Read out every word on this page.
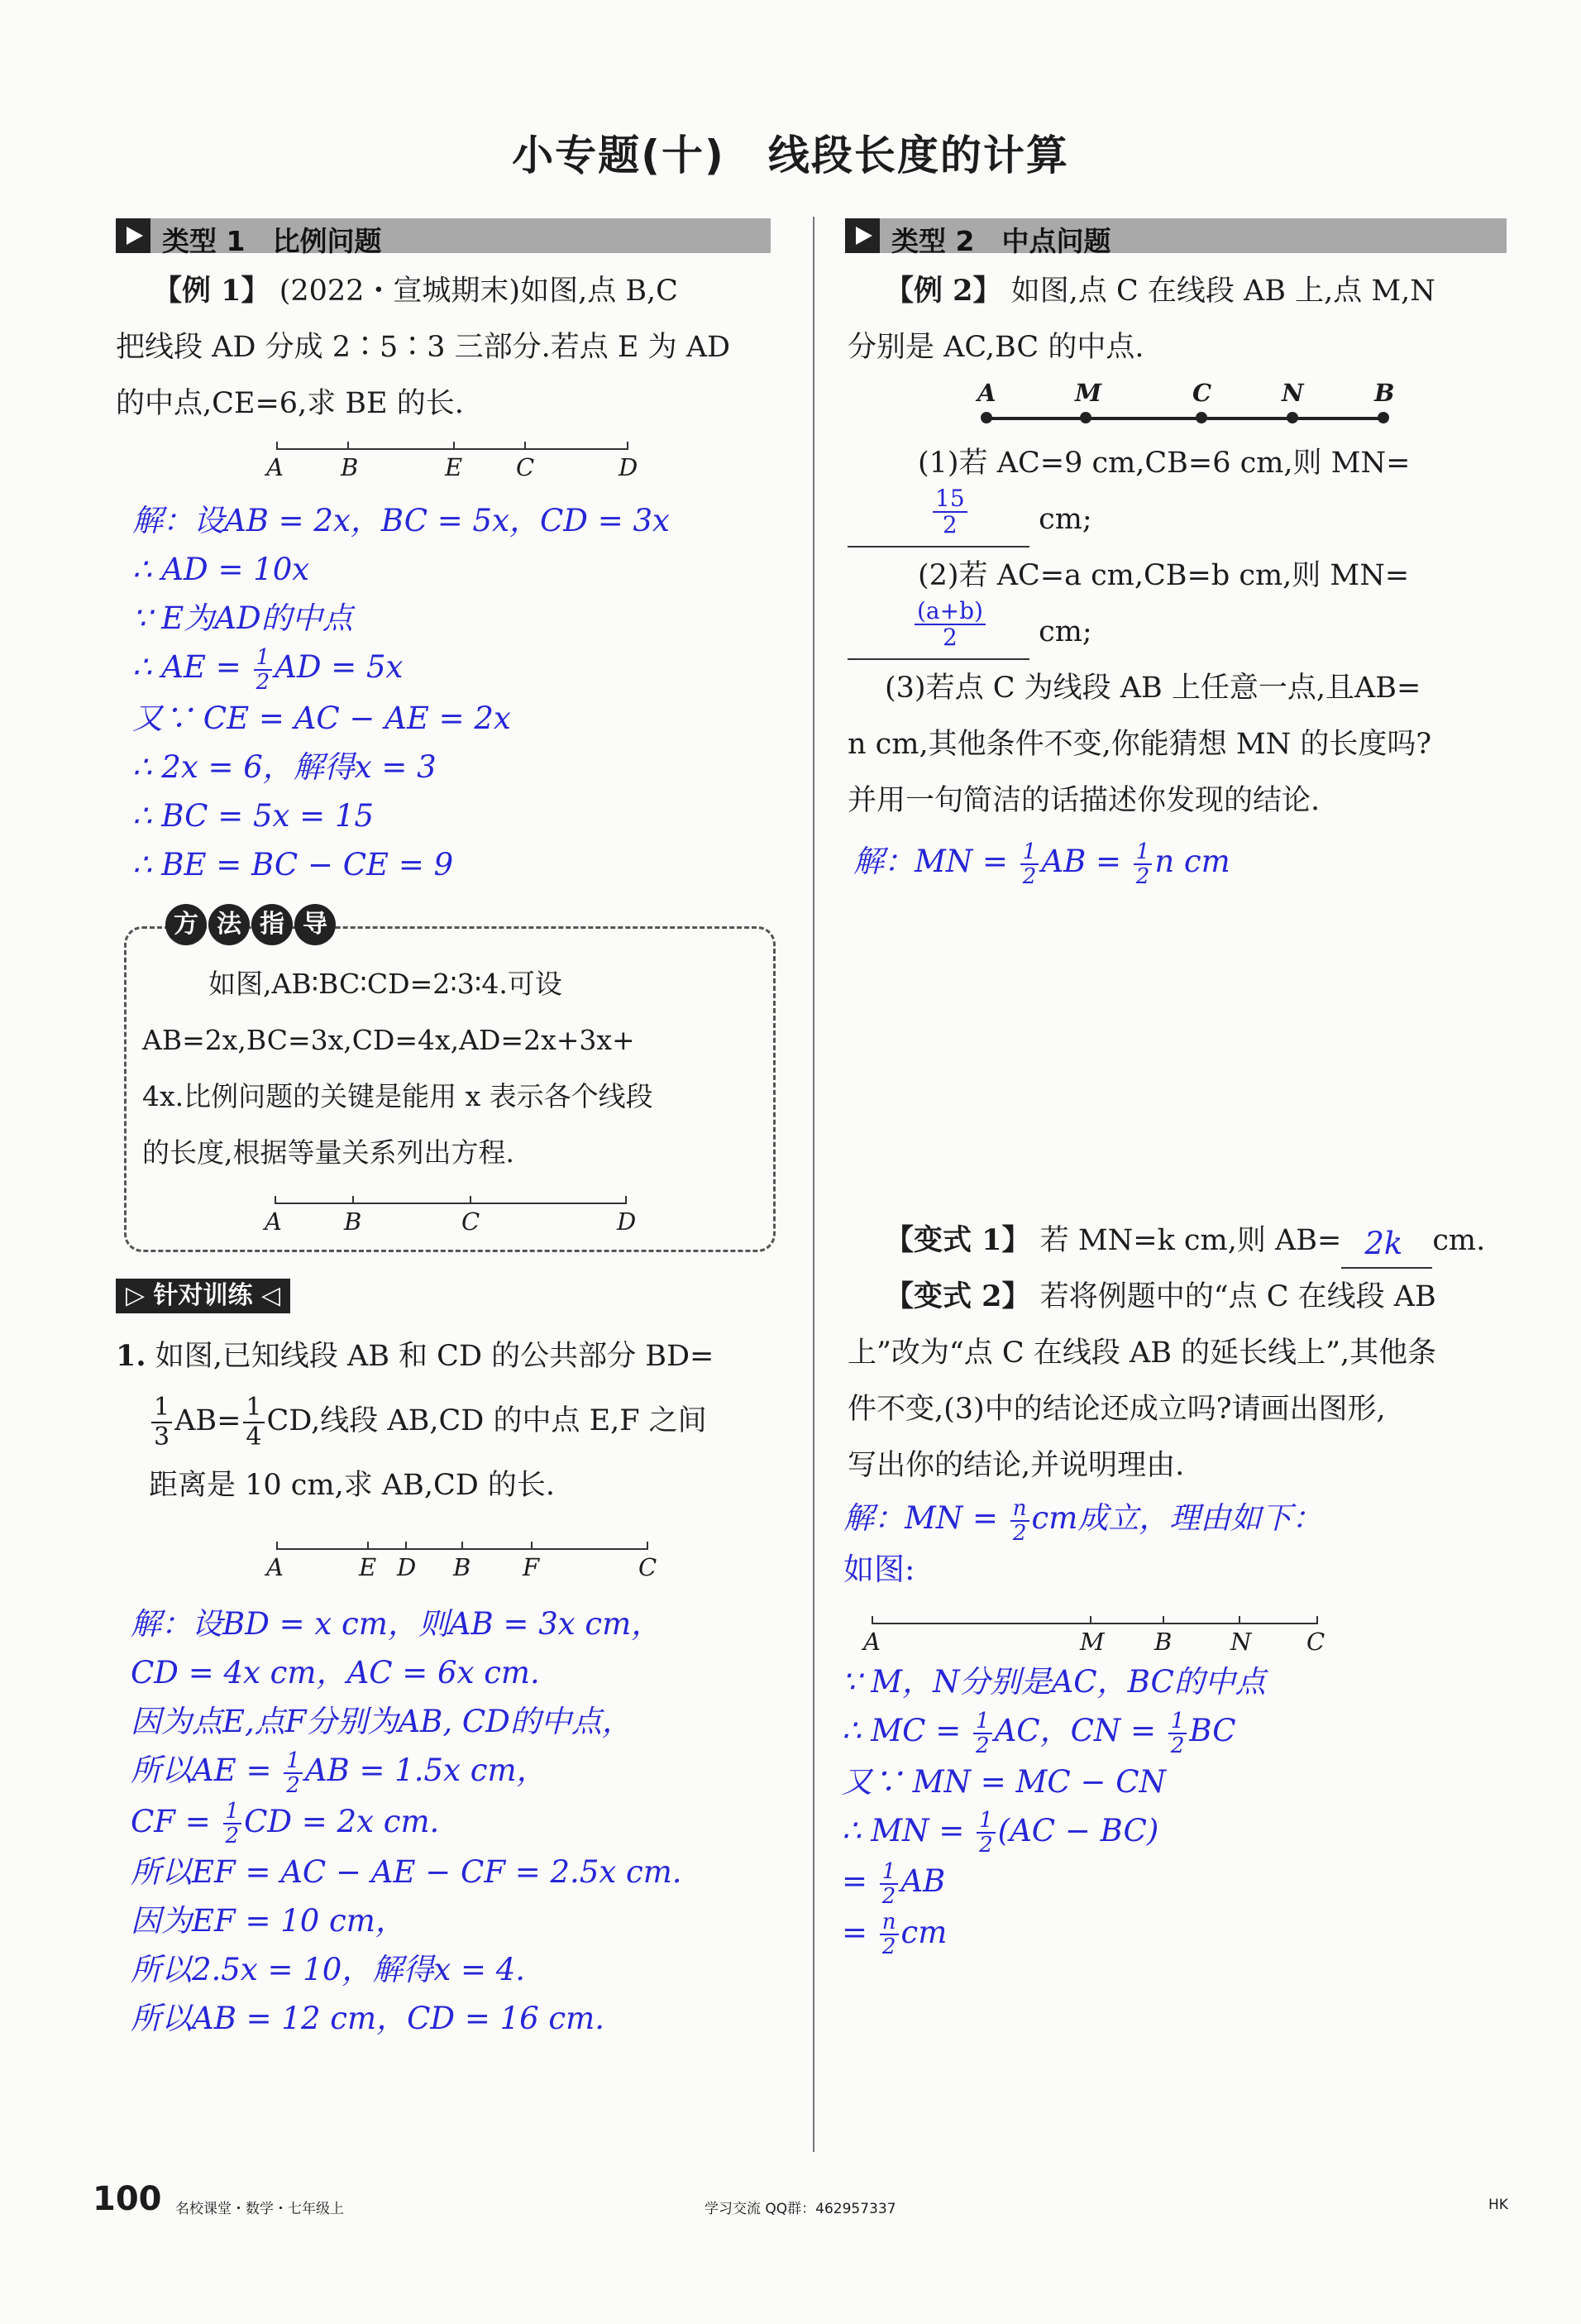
小专题(十)　线段长度的计算
类型 1　比例问题
【例 1】 (2022・宣城期末)如图,点 B,C
把线段 AD 分成 2∶5∶3 三部分.若点 E 为 AD
的中点,CE=6,求 BE 的长.
A B	E C	D
解：设AB = 2x，BC = 5x，CD = 3x
∴ AD = 10x
∵ E为AD的中点
∴ AE = $\frac{1}{2}$ AD = 5x
又∵ CE = AC − AE = 2x
∴ 2x = 6，解得x = 3
∴ BC = 5x = 15
∴ BE = BC − CE = 9
方 法 指 导
如图,AB∶BC∶CD=2∶3∶4.可设
AB=2x,BC=3x,CD=4x,AD=2x+3x+
4x.比例问题的关键是能用 x 表示各个线段
的长度,根据等量关系列出方程.
A	B	C	D
▷ 针对训练 ◁
1. 如图,已知线段 AB 和 CD 的公共部分 BD=
$\frac{1}{3} AB= \frac{1}{4}$ CD,线段 AB,CD 的中点 E,F 之间
距离是 10 cm,求 AB,CD 的长.
A	E D B F	C
解：设BD = x cm，则AB = 3x cm，
CD = 4x cm，AC = 6x cm.
因为点E,点F分别为AB, CD的中点，
所以AE = $\frac{1}{2}$ AB = 1.5x cm，
CF = $\frac{1}{2}$ CD = 2x cm.
所以EF = AC − AE − CF = 2.5x cm.
因为EF = 10 cm，
所以2.5x = 10，解得x = 4.
所以AB = 12 cm，CD = 16 cm.
类型 2　中点问题
【例 2】 如图,点 C 在线段 AB 上,点 M,N
分别是 AC,BC 的中点.
A	M	C	N	B
(1)若 AC=9 cm,CB=6 cm,则 MN=
$\frac{15}{2}$ cm;
(2)若 AC=a cm,CB=b cm,则 MN=
$\frac{(a+b)}{2}$ cm;
(3)若点 C 为线段 AB 上任意一点,且AB=
n cm,其他条件不变,你能猜想 MN 的长度吗?
并用一句简洁的话描述你发现的结论.
解：MN = $\frac{1}{2}$ AB = $\frac{1}{2}$ n cm
【变式 1】 若 MN=k cm,则 AB= 2k cm.
【变式 2】 若将例题中的“点 C 在线段 AB
上”改为“点 C 在线段 AB 的延长线上”,其他条
件不变,(3)中的结论还成立吗?请画出图形,
写出你的结论,并说明理由.
解：MN = $\frac{n}{2}$ cm成立，理由如下：
如图:
A	M B N C
∵ M，N分别是AC，BC的中点
∴ MC = $\frac{1}{2}$ AC，CN = $\frac{1}{2}$ BC
又∵ MN = MC − CN
∴ MN = $\frac{1}{2} (AC - BC)$
= $\frac{1}{2}$ AB
= $\frac{n}{2}$ cm
100 名校课堂・数学・七年级上	学习交流 QQ群：462957337	HK
